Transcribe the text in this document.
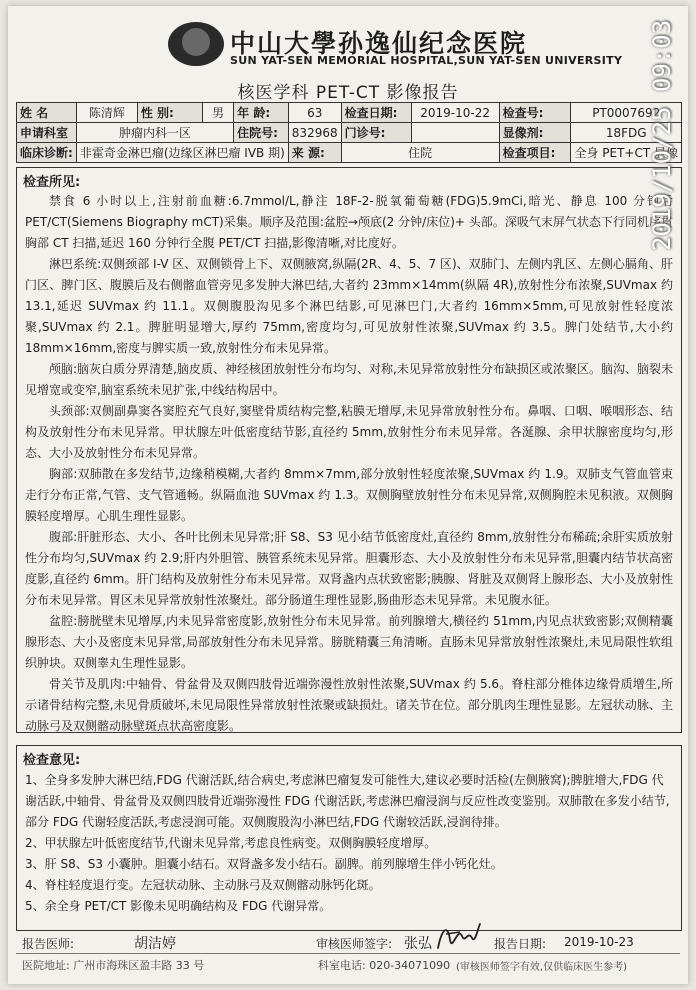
中山大學孙逸仙纪念医院
SUN YAT-SEN MEMORIAL HOSPITAL,SUN YAT-SEN UNIVERSITY
核医学科 PET-CT 影像报告
姓 名	陈清辉	性 别:	男	年 龄:	63	检查日期:	2019-10-22	检查号:	PT0007692
申请科室	肿瘤内科一区			住院号:	832968	门诊号:		显像剂:	18FDG
临床诊断:	非霍奇金淋巴瘤(边缘区淋巴瘤 IVB 期)				来 源:	住院		检查项目:	全身 PET+CT 显像
检查所见:

禁食 6 小时以上,注射前血糖:6.7mmol/L,静注 18F-2-脱氧葡萄糖(FDG)5.9mCi,暗光、静息 100 分钟后 PET/CT(Siemens Biography mCT)采集。顺序及范围:盆腔→颅底(2 分钟/床位)+ 头部。深吸气末屏气状态下行同机序贯胸部 CT 扫描,延迟 160 分钟行全腹 PET/CT 扫描,影像清晰,对比度好。

淋巴系统:双侧颈部 I-V 区、双侧锁骨上下、双侧腋窝,纵隔(2R、4、5、7 区)、双肺门、左侧内乳区、左侧心膈角、肝门区、脾门区、腹膜后及右侧髂血管旁见多发肿大淋巴结,大者约 23mm×14mm(纵隔 4R),放射性分布浓聚,SUVmax 约 13.1,延迟 SUVmax 约 11.1。双侧腹股沟见多个淋巴结影,可见淋巴门,大者约 16mm×5mm,可见放射性轻度浓聚,SUVmax 约 2.1。脾脏明显增大,厚约 75mm,密度均匀,可见放射性浓聚,SUVmax 约 3.5。脾门处结节,大小约 18mm×16mm,密度与脾实质一致,放射性分布未见异常。

颅脑:脑灰白质分界清楚,脑皮质、神经核团放射性分布均匀、对称,未见异常放射性分布缺损区或浓聚区。脑沟、脑裂未见增宽或变窄,脑室系统未见扩张,中线结构居中。

头颈部:双侧副鼻窦各窦腔充气良好,窦壁骨质结构完整,粘膜无增厚,未见异常放射性分布。鼻咽、口咽、喉咽形态、结构及放射性分布未见异常。甲状腺左叶低密度结节影,直径约 5mm,放射性分布未见异常。各涎腺、余甲状腺密度均匀,形态、大小及放射性分布未见异常。

胸部:双肺散在多发结节,边缘稍模糊,大者约 8mm×7mm,部分放射性轻度浓聚,SUVmax 约 1.9。双肺支气管血管束走行分布正常,气管、支气管通畅。纵隔血池 SUVmax 约 1.3。双侧胸壁放射性分布未见异常,双侧胸腔未见积液。双侧胸膜轻度增厚。心肌生理性显影。

腹部:肝脏形态、大小、各叶比例未见异常;肝 S8、S3 见小结节低密度灶,直径约 8mm,放射性分布稀疏;余肝实质放射性分布均匀,SUVmax 约 2.9;肝内外胆管、胰管系统未见异常。胆囊形态、大小及放射性分布未见异常,胆囊内结节状高密度影,直径约 6mm。肝门结构及放射性分布未见异常。双肾盏内点状致密影;胰腺、肾脏及双侧肾上腺形态、大小及放射性分布未见异常。胃区未见异常放射性浓聚灶。部分肠道生理性显影,肠曲形态未见异常。未见腹水征。

盆腔:膀胱壁未见增厚,内未见异常密度影,放射性分布未见异常。前列腺增大,横径约 51mm,内见点状致密影;双侧精囊腺形态、大小及密度未见异常,局部放射性分布未见异常。膀胱精囊三角清晰。直肠未见异常放射性浓聚灶,未见局限性软组织肿块。双侧睾丸生理性显影。

骨关节及肌肉:中轴骨、骨盆骨及双侧四肢骨近端弥漫性放射性浓聚,SUVmax 约 5.6。脊柱部分椎体边缘骨质增生,所示诸骨结构完整,未见骨质破坏,未见局限性异常放射性浓聚或缺损灶。诸关节在位。部分肌肉生理性显影。左冠状动脉、主动脉弓及双侧髂动脉壁斑点状高密度影。

检查意见:

1、全身多发肿大淋巴结,FDG 代谢活跃,结合病史,考虑淋巴瘤复发可能性大,建议必要时活检(左侧腋窝);脾脏增大,FDG 代谢活跃,中轴骨、骨盆骨及双侧四肢骨近端弥漫性 FDG 代谢活跃,考虑淋巴瘤浸润与反应性改变鉴别。双肺散在多发小结节,部分 FDG 代谢轻度活跃,考虑浸润可能。双侧腹股沟小淋巴结,FDG 代谢较活跃,浸润待排。

2、甲状腺左叶低密度结节,代谢未见异常,考虑良性病变。双侧胸膜轻度增厚。

3、肝 S8、S3 小囊肿。胆囊小结石。双肾盏多发小结石。副脾。前列腺增生伴小钙化灶。

4、脊柱轻度退行变。左冠状动脉、主动脉弓及双侧髂动脉钙化斑。

5、余全身 PET/CT 影像未见明确结构及 FDG 代谢异常。

报告医师:	胡洁婷	审核医师签字: 张弘	报告日期: 2019-10-23
医院地址: 广州市海珠区盈丰路 33 号	科室电话: 020-34071090 (审核医师签字有效,仅供临床医生参考)
2019/10/25 09:03
